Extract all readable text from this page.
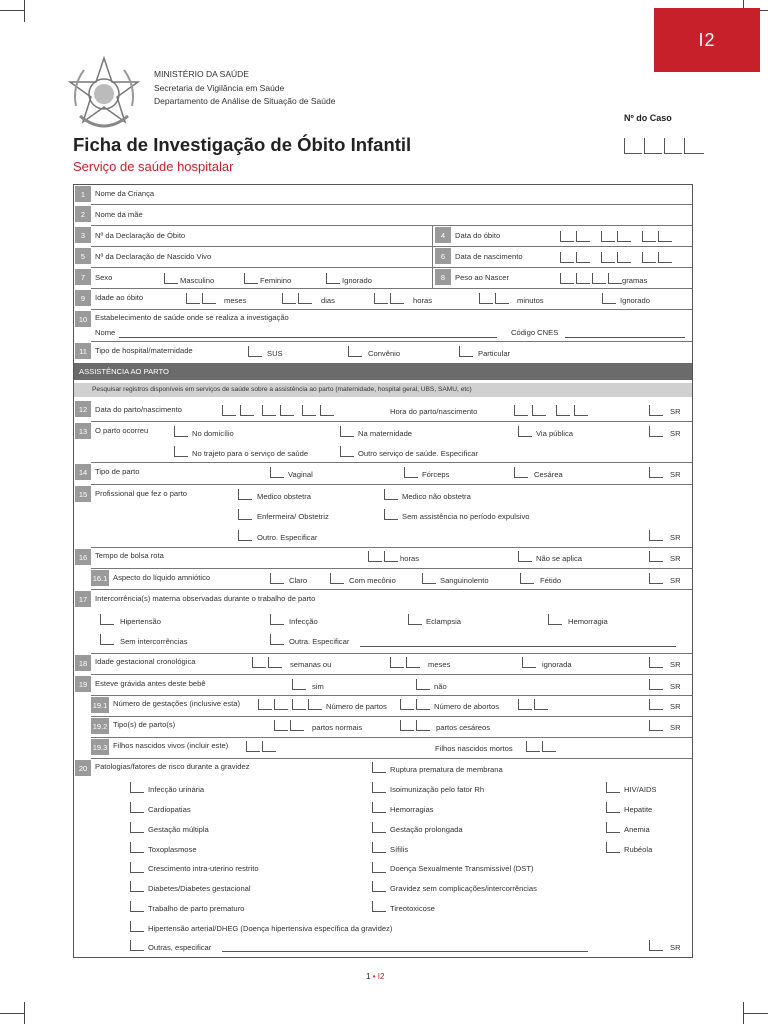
I2
MINISTÉRIO DA SAÚDE
Secretaria de Vigilância em Saúde
Departamento de Análise de Situação de Saúde
Nº do Caso
Ficha de Investigação de Óbito Infantil
Serviço de saúde hospitalar
1	Nome da Criança
2	Nome da mãe
3	Nº da Declaração de Óbito	4	Data do óbito
5	Nº da Declaração de Nascido Vivo	6	Data de nascimento
7	Sexo	Masculino	Feminino	Ignorado	8	Peso ao Nascer	gramas
9	Idade ao óbito	meses	dias	horas	minutos	Ignorado
10	Estabelecimento de saúde onde se realiza a investigação
Nome	Código CNES
11	Tipo de hospital/maternidade	SUS	Convênio	Particular
ASSISTÊNCIA AO PARTO
Pesquisar registros disponíveis em serviços de saúde sobre a assistência ao parto (maternidade, hospital geral, UBS, SAMU, etc)
12	Data do parto/nascimento	Hora do parto/nascimento	SR
13	O parto ocorreu	No domicílio	Na maternidade	Via pública	SR
No trajeto para o serviço de saúde	Outro serviço de saúde. Especificar
14	Tipo de parto	Vaginal	Fórceps	Cesárea	SR
15	Profissional que fez o parto	Medico obstetra	Medico não obstetra
Enfermeira/ Obstetriz	Sem assistência no período expulsivo
Outro. Especificar	SR
16	Tempo de bolsa rota	horas	Não se aplica	SR
16.1 Aspecto do líquido amniótico	Claro	Com mecônio	Sanguinolento	Fétido	SR
17	Intercorrência(s) materna observadas durante o trabalho de parto
Hipertensão	Infecção	Eclampsia	Hemorragia
Sem intercorrências	Outra. Especificar
18	Idade gestacional cronológica	semanas ou	meses	ignorada	SR
19	Esteve grávida antes deste bebê	sim	não	SR
19.1 Número de gestações (inclusive esta)	Número de partos	Número de abortos	SR
19.2 Tipo(s) de parto(s)	partos normais	partos cesáreos	SR
19.3 Filhos nascidos vivos (incluir este)	Filhos nascidos mortos
20	Patologias/fatores de risco durante a gravidez	Ruptura prematura de membrana
Infecção urinária	Isoimunização pelo fator Rh	HIV/AIDS
Cardiopatias	Hemorragias	Hepatite
Gestação múltipla	Gestação prolongada	Anemia
Toxoplasmose	Sífilis	Rubéola
Crescimento intra-uterino restrito	Doença Sexualmente Transmissível (DST)
Diabetes/Diabetes gestacional	Gravidez sem complicações/intercorrências
Trabalho de parto prematuro	Tireotoxicose
Hipertensão arterial/DHEG (Doença hipertensiva específica da gravidez)
Outras, especificar	SR
1 • I2
